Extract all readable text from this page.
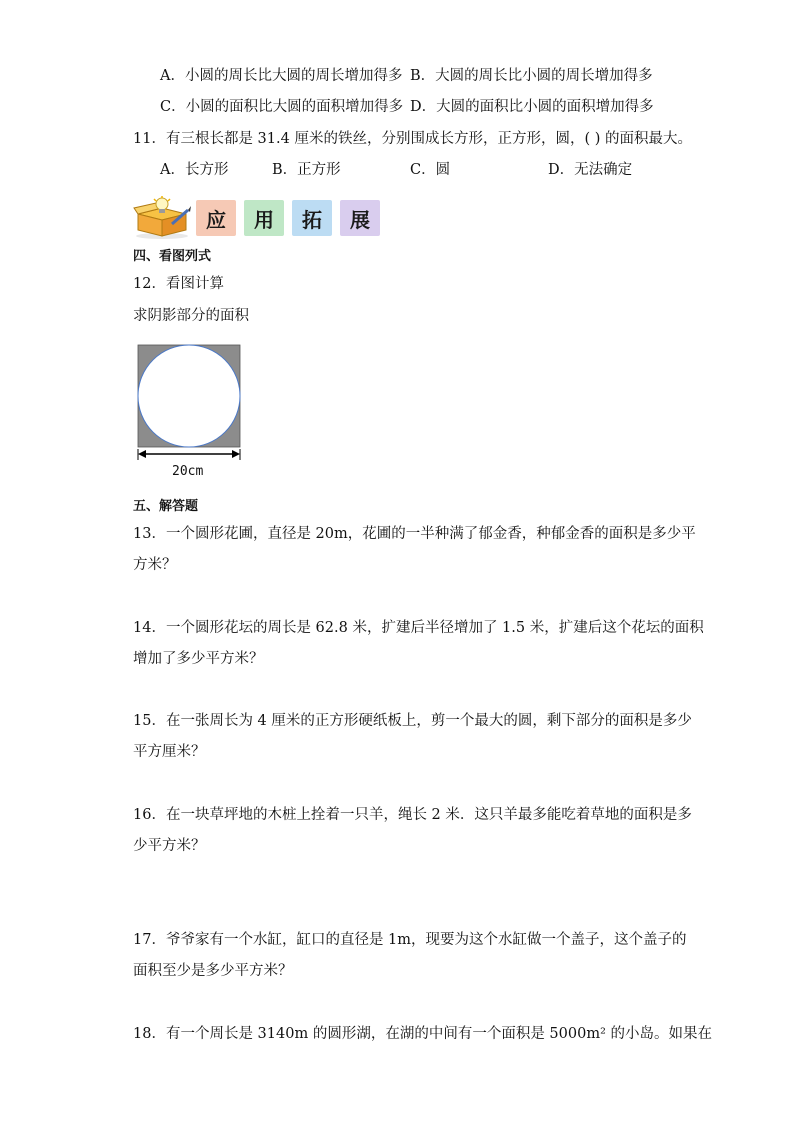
A．小圆的周长比大圆的周长增加得多 B．大圆的周长比小圆的周长增加得多
C．小圆的面积比大圆的面积增加得多 D．大圆的面积比小圆的面积增加得多
11．有三根长都是 31.4 厘米的铁丝，分别围成长方形，正方形，圆，( ) 的面积最大。
A．长方形	B．正方形	C．圆	D．无法确定
应 用 拓 展
四、看图列式
12．看图计算
求阴影部分的面积
20cm
五、解答题
13．一个圆形花圃，直径是 20m，花圃的一半种满了郁金香，种郁金香的面积是多少平
方米？
14．一个圆形花坛的周长是 62.8 米，扩建后半径增加了 1.5 米，扩建后这个花坛的面积
增加了多少平方米？
15．在一张周长为 4 厘米的正方形硬纸板上，剪一个最大的圆，剩下部分的面积是多少
平方厘米？
16．在一块草坪地的木桩上拴着一只羊，绳长 2 米．这只羊最多能吃着草地的面积是多
少平方米？
17．爷爷家有一个水缸，缸口的直径是 1m，现要为这个水缸做一个盖子，这个盖子的
面积至少是多少平方米？
18．有一个周长是 3140m 的圆形湖，在湖的中间有一个面积是 5000m² 的小岛。如果在
